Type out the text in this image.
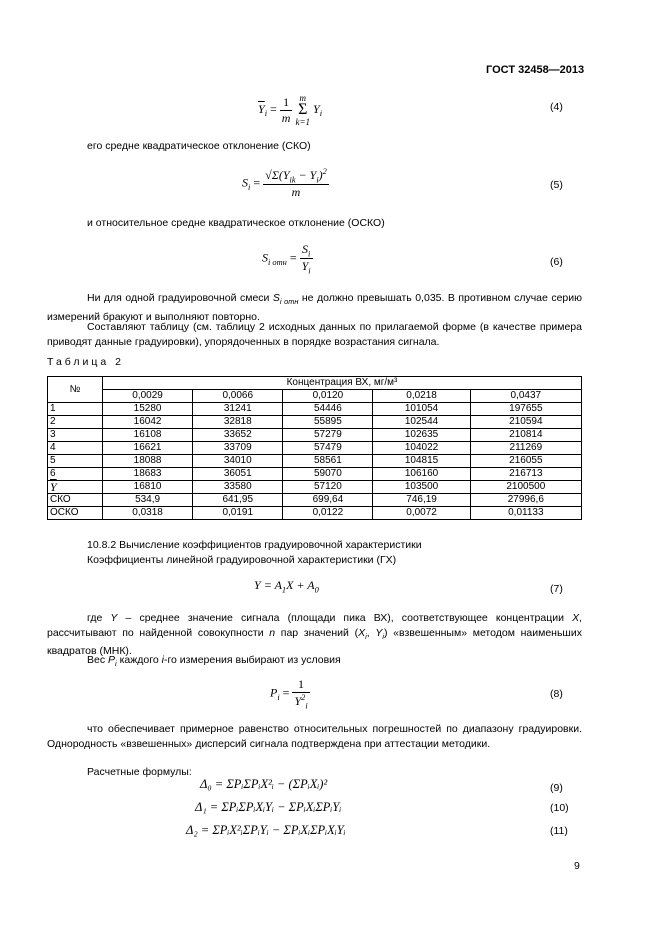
ГОСТ 32458—2013
$\overline{Y}_i = \frac{1}{m}$
m
Σ
k=1
$Y_i$
(4)
его средне квадратическое отклонение (СКО)
$S_i = \frac{√\Sigma(Y_{ik} - Y_i)^2}{m}$	(5)
и относительное средне квадратическое отклонение (ОСКО)
$S_{i отн} = \frac{S_i}{\overline{Y}_i}$	(6)
Ни для одной градуировочной смеси $S_{i отн}$ не должно превышать 0,035. В противном случае серию измерений бракуют и выполняют повторно.
Составляют таблицу (см. таблицу 2 исходных данных по прилагаемой форме (в качестве примера приводят данные градуировки), упорядоченных в порядке возрастания сигнала.
Таблица 2
№	Концентрация ВХ, мг/м³				
	0,0029	0,0066	0,0120	0,0218	0,0437
1	15280	31241	54446	101054	197655
2	16042	32818	55895	102544	210594
3	16108	33652	57279	102635	210814
4	16621	33709	57479	104022	211269
5	18088	34010	58561	104815	216055
6	18683	36051	59070	106160	216713
$\overline{Y}$	16810	33580	57120	103500	2100500
СКО	534,9	641,95	699,64	746,19	27996,6
ОСКО	0,0318	0,0191	0,0122	0,0072	0,01133
10.8.2 Вычисление коэффициентов градуировочной характеристики
Коэффициенты линейной градуировочной характеристики (ГХ)
$Y = A_1X + A_0$	(7)
где Y – среднее значение сигнала (площади пика ВХ), соответствующее концентрации X, рассчитывают по найденной совокупности n пар значений ($X_i$, $Y_i$) «взвешенным» методом наименьших квадратов (МНК).
Вес $P_i$ каждого i-го измерения выбирают из условия
$P_i = \frac{1}{Y^2_i}$	(8)
что обеспечивает примерное равенство относительных погрешностей по диапазону градуировки. Однородность «взвешенных» дисперсий сигнала подтверждена при аттестации методики.
Расчетные формулы:
Δ₀ = ΣPᵢΣPᵢX²ᵢ − (ΣPᵢXᵢ)²	(9)
Δ₁ = ΣPᵢΣPᵢXᵢYᵢ − ΣPᵢXᵢΣPᵢYᵢ	(10)
Δ₂ = ΣPᵢX²ᵢΣPᵢYᵢ − ΣPᵢXᵢΣPᵢXᵢYᵢ	(11)
9
